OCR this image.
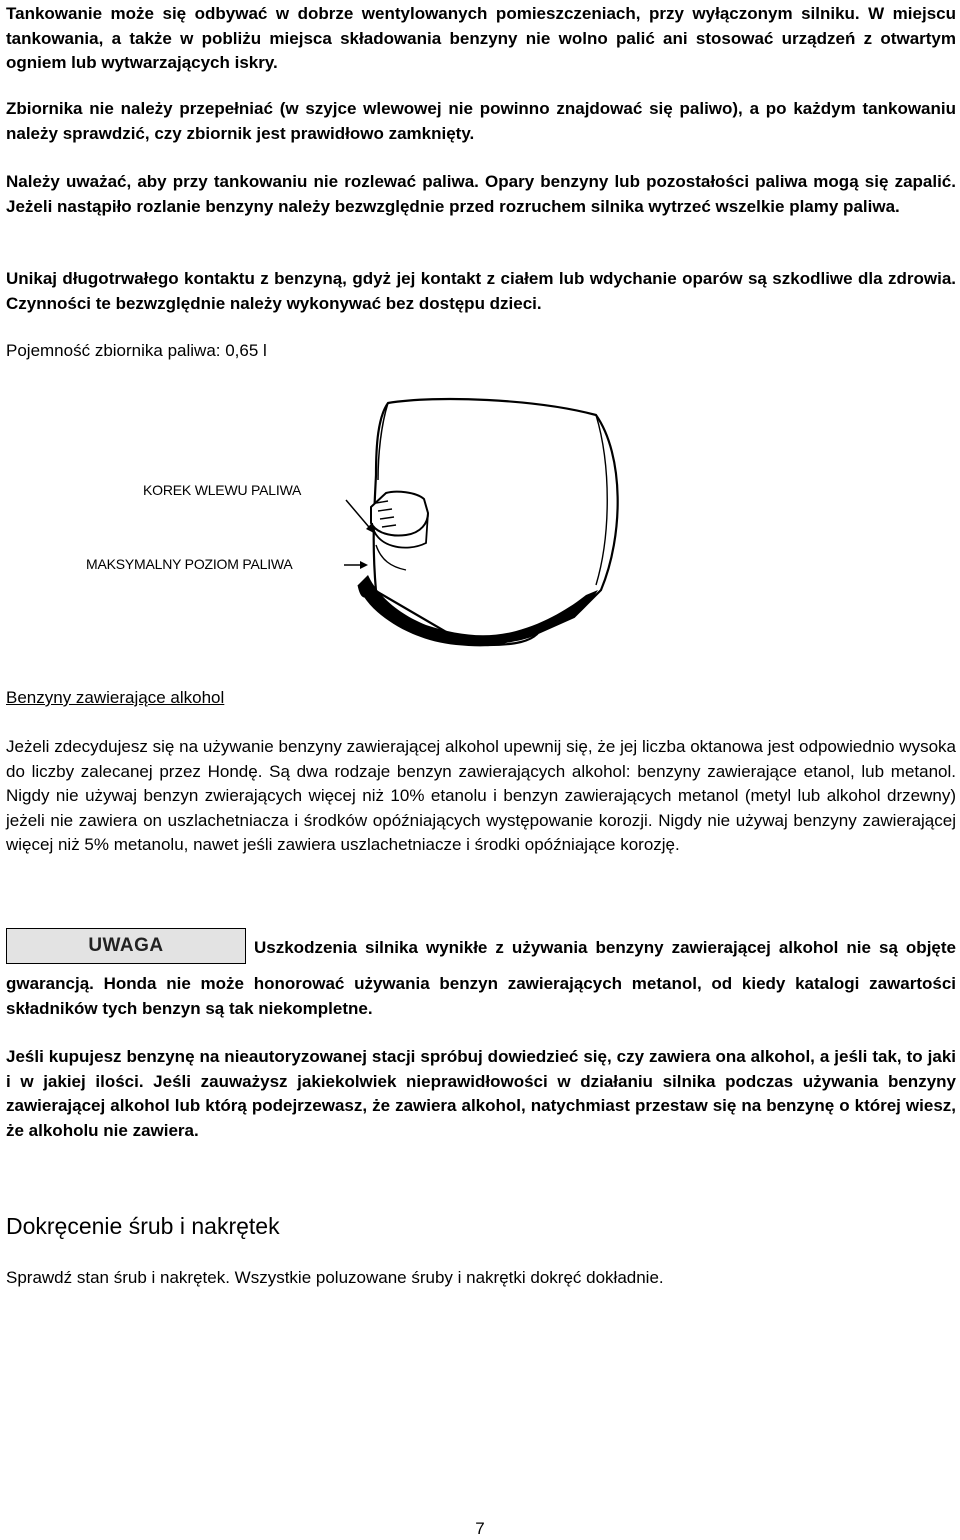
Tankowanie może się odbywać w dobrze wentylowanych pomieszczeniach, przy wyłączonym silniku. W miejscu tankowania, a także w pobliżu miejsca składowania benzyny nie wolno palić ani stosować urządzeń z otwartym ogniem lub wytwarzających iskry.

Zbiornika nie należy przepełniać (w szyjce wlewowej nie powinno znajdować się paliwo), a po każdym tankowaniu należy sprawdzić, czy zbiornik jest prawidłowo zamknięty.

Należy uważać, aby przy tankowaniu nie rozlewać paliwa. Opary benzyny lub pozostałości paliwa mogą się zapalić. Jeżeli nastąpiło rozlanie benzyny należy bezwzględnie przed rozruchem silnika wytrzeć wszelkie plamy paliwa.

Unikaj długotrwałego kontaktu z benzyną, gdyż jej kontakt z ciałem lub wdychanie oparów są szkodliwe dla zdrowia. Czynności te bezwzględnie należy wykonywać bez dostępu dzieci.

Pojemność zbiornika paliwa: 0,65 l

KOREK WLEWU PALIWA
MAKSYMALNY POZIOM PALIWA

Benzyny zawierające alkohol

Jeżeli zdecydujesz się na używanie benzyny zawierającej alkohol upewnij się, że jej liczba oktanowa jest odpowiednio wysoka do liczby zalecanej przez Hondę. Są dwa rodzaje benzyn zawierających alkohol: benzyny zawierające etanol, lub metanol. Nigdy nie używaj benzyn zwierających więcej niż 10% etanolu i benzyn zawierających metanol (metyl lub alkohol drzewny) jeżeli nie zawiera on uszlachetniacza i środków opóźniających występowanie korozji. Nigdy nie używaj benzyny zawierającej więcej niż 5% metanolu, nawet jeśli zawiera uszlachetniacze i środki opóźniające korozję.

UWAGA	Uszkodzenia silnika wynikłe z używania benzyny zawierającej alkohol nie są objęte gwarancją. Honda nie może honorować używania benzyn zawierających metanol, od kiedy katalogi zawartości składników tych benzyn są tak niekompletne.

Jeśli kupujesz benzynę na nieautoryzowanej stacji spróbuj dowiedzieć się, czy zawiera ona alkohol, a jeśli tak, to jaki i w jakiej ilości. Jeśli zauważysz jakiekolwiek nieprawidłowości w działaniu silnika podczas używania benzyny zawierającej alkohol lub którą podejrzewasz, że zawiera alkohol, natychmiast przestaw się na benzynę o której wiesz, że alkoholu nie zawiera.

Dokręcenie śrub i nakrętek

Sprawdź stan śrub i nakrętek. Wszystkie poluzowane śruby i nakrętki dokręć dokładnie.

7
